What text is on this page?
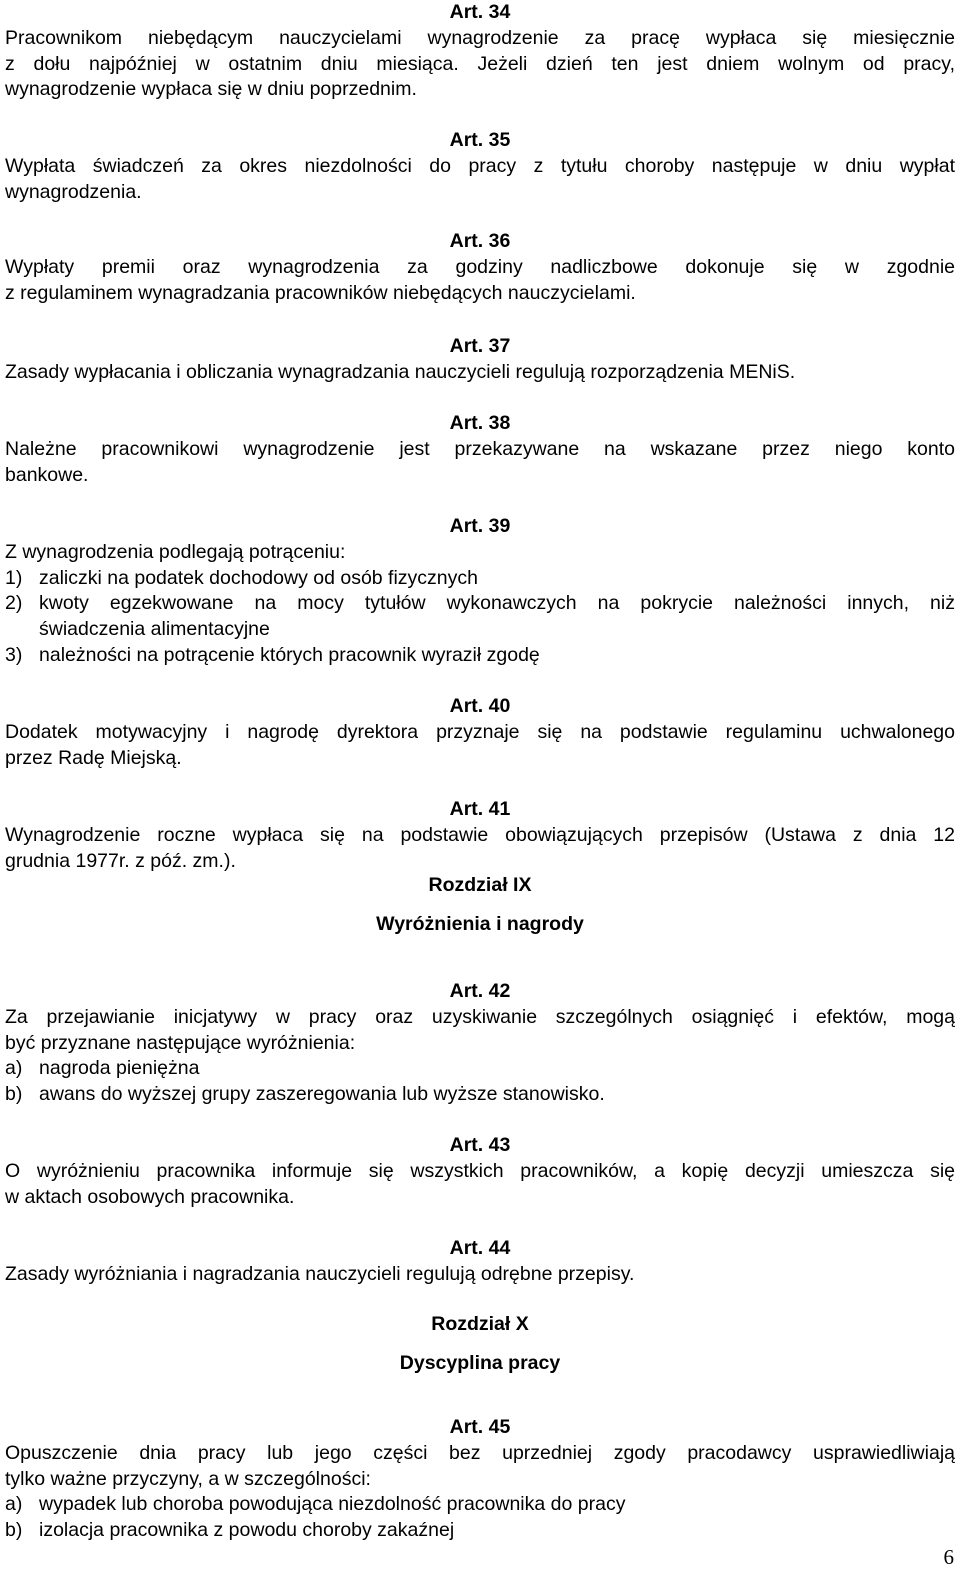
Art. 34
Pracownikom niebędącym nauczycielami wynagrodzenie za pracę wypłaca się miesięcznie
z dołu najpóźniej w ostatnim dniu miesiąca. Jeżeli dzień ten jest dniem wolnym od pracy,
wynagrodzenie wypłaca się w dniu poprzednim.
Art. 35
Wypłata świadczeń za okres niezdolności do pracy z tytułu choroby następuje w dniu wypłat
wynagrodzenia.
Art. 36
Wypłaty premii oraz wynagrodzenia za godziny nadliczbowe dokonuje się w zgodnie
z regulaminem wynagradzania pracowników niebędących nauczycielami.
Art. 37
Zasady wypłacania i obliczania wynagradzania nauczycieli regulują rozporządzenia MENiS.
Art. 38
Należne pracownikowi wynagrodzenie jest przekazywane na wskazane przez niego konto
bankowe.
Art. 39
Z wynagrodzenia podlegają potrąceniu:
1) zaliczki na podatek dochodowy od osób fizycznych
2) kwoty egzekwowane na mocy tytułów wykonawczych na pokrycie należności innych, niż
świadczenia alimentacyjne
3) należności na potrącenie których pracownik wyraził zgodę
Art. 40
Dodatek motywacyjny i nagrodę dyrektora przyznaje się na podstawie regulaminu uchwalonego
przez Radę Miejską.
Art. 41
Wynagrodzenie roczne wypłaca się na podstawie obowiązujących przepisów (Ustawa z dnia 12
grudnia 1977r. z póź. zm.).
Rozdział IX
Wyróżnienia i nagrody
Art. 42
Za przejawianie inicjatywy w pracy oraz uzyskiwanie szczególnych osiągnięć i efektów, mogą
być przyznane następujące wyróżnienia:
a) nagroda pieniężna
b) awans do wyższej grupy zaszeregowania lub wyższe stanowisko.
Art. 43
O wyróżnieniu pracownika informuje się wszystkich pracowników, a kopię decyzji umieszcza się
w aktach osobowych pracownika.
Art. 44
Zasady wyróżniania i nagradzania nauczycieli regulują odrębne przepisy.
Rozdział X
Dyscyplina pracy
Art. 45
Opuszczenie dnia pracy lub jego części bez uprzedniej zgody pracodawcy usprawiedliwiają
tylko ważne przyczyny, a w szczególności:
a) wypadek lub choroba powodująca niezdolność pracownika do pracy
b) izolacja pracownika z powodu choroby zakaźnej
6
